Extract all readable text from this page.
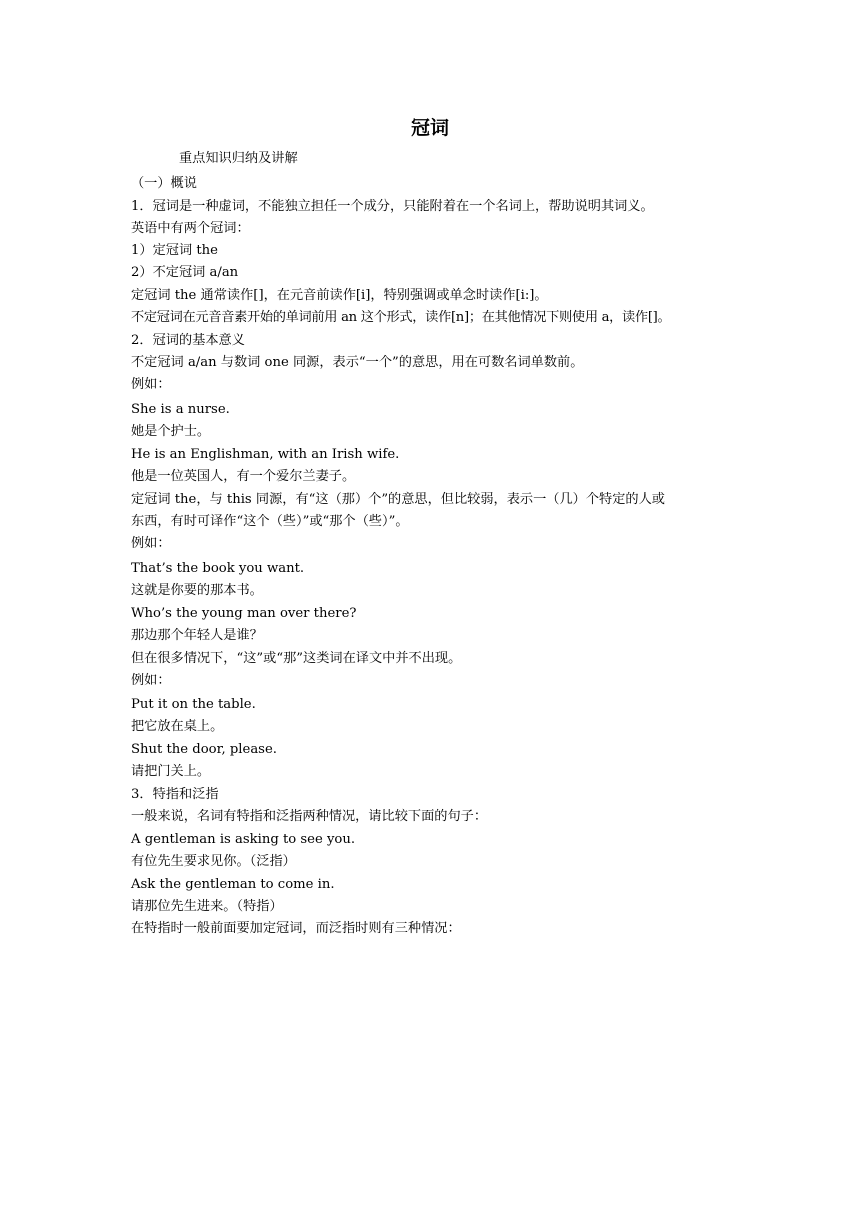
冠词
重点知识归纳及讲解
（一）概说
1．冠词是一种虚词，不能独立担任一个成分，只能附着在一个名词上，帮助说明其词义。
英语中有两个冠词：
1）定冠词 the
2）不定冠词 a/an
定冠词 the 通常读作[]，在元音前读作[i]，特别强调或单念时读作[i:]。
不定冠词在元音音素开始的单词前用 an 这个形式，读作[n]；在其他情况下则使用 a，读作[]。
2．冠词的基本意义
不定冠词 a/an 与数词 one 同源，表示“一个”的意思，用在可数名词单数前。
例如：
She is a nurse.
她是个护士。
He is an Englishman, with an Irish wife.
他是一位英国人，有一个爱尔兰妻子。
定冠词 the，与 this 同源，有“这（那）个”的意思，但比较弱，表示一（几）个特定的人或
东西，有时可译作“这个（些）”或“那个（些）”。
例如：
That’s the book you want.
这就是你要的那本书。
Who’s the young man over there?
那边那个年轻人是谁？
但在很多情况下，“这”或“那”这类词在译文中并不出现。
例如：
Put it on the table.
把它放在桌上。
Shut the door, please.
请把门关上。
3．特指和泛指
一般来说，名词有特指和泛指两种情况，请比较下面的句子：
A gentleman is asking to see you.
有位先生要求见你。（泛指）
Ask the gentleman to come in.
请那位先生进来。（特指）
在特指时一般前面要加定冠词，而泛指时则有三种情况：
